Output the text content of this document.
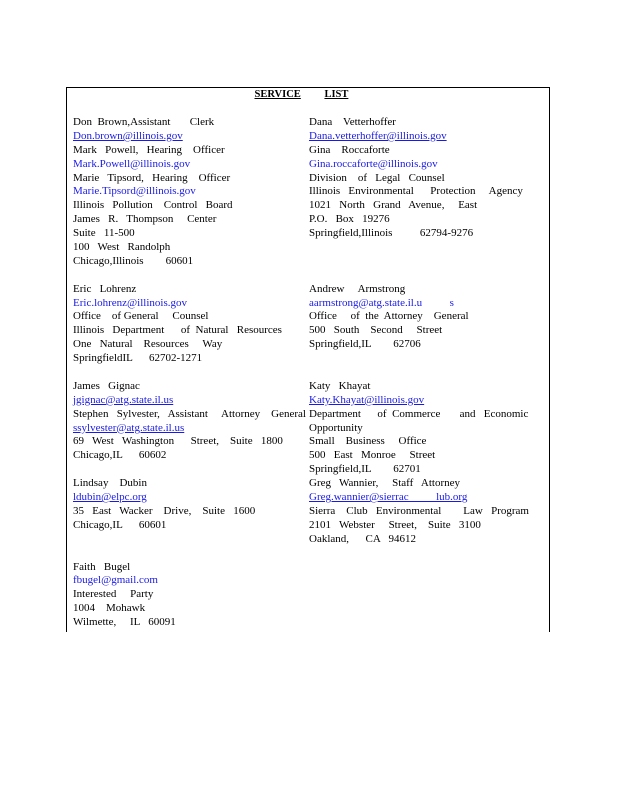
SERVICE LIST
Don  Brown,Assistant       Clerk
Don.brown@illinois.gov
Mark   Powell,   Hearing    Officer
Mark.Powell@illinois.gov
Marie   Tipsord,   Hearing    Officer
Marie.Tipsord@illinois.gov
Illinois   Pollution    Control   Board
James   R.   Thompson     Center
Suite   11-500
100   West   Randolph
Chicago,Illinois        60601
Eric   Lohrenz
Eric.lohrenz@illinois.gov
Office    of General     Counsel
Illinois   Department      of  Natural   Resources
One   Natural    Resources     Way
SpringfieldIL      62702-1271
James   Gignac
jgignac@atg.state.il.us
Stephen   Sylvester,   Assistant     Attorney    General
ssylvester@atg.state.il.us
69   West   Washington      Street,    Suite   1800
Chicago,IL      60602
Lindsay    Dubin
ldubin@elpc.org
35   East   Wacker    Drive,    Suite   1600
Chicago,IL      60601
Faith   Bugel
fbugel@gmail.com
Interested     Party
1004    Mohawk
Wilmette,     IL   60091
Dana    Vetterhoffer
Dana.vetterhoffer@illinois.gov
Gina    Roccaforte
Gina.roccaforte@illinois.gov
Division    of   Legal   Counsel
Illinois   Environmental      Protection     Agency
1021   North   Grand   Avenue,     East
P.O.   Box   19276
Springfield,Illinois          62794-9276
Andrew     Armstrong
aarmstrong@atg.state.il.u          s
Office     of  the  Attorney    General
500   South    Second     Street
Springfield,IL        62706
Katy   Khayat
Katy.Khayat@illinois.gov
Department      of  Commerce       and   Economic
Opportunity
Small    Business     Office
500   East   Monroe     Street
Springfield,IL        62701
Greg   Wannier,     Staff   Attorney
Greg.wannier@sierrac          lub.org
Sierra    Club   Environmental        Law   Program
2101   Webster     Street,    Suite   3100
Oakland,      CA   94612
